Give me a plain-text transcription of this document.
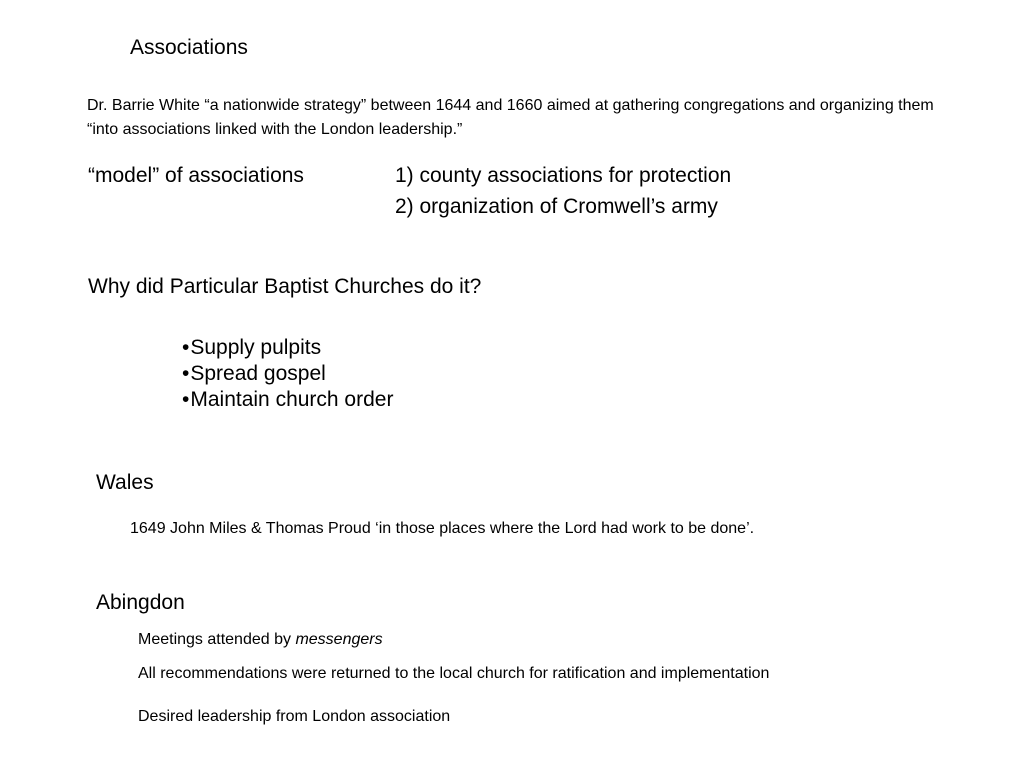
Associations
Dr. Barrie White “a nationwide strategy” between 1644 and 1660 aimed at gathering congregations and organizing them “into associations linked with the London leadership.”
“model” of associations	1) county associations for protection
2) organization of Cromwell’s army
Why did Particular Baptist Churches do it?
•Supply pulpits
•Spread gospel
•Maintain church order
Wales
1649 John Miles & Thomas Proud ‘in those places where the Lord had work to be done’.
Abingdon
Meetings attended by messengers
All recommendations were returned to the local church for ratification and implementation
Desired leadership from London association
